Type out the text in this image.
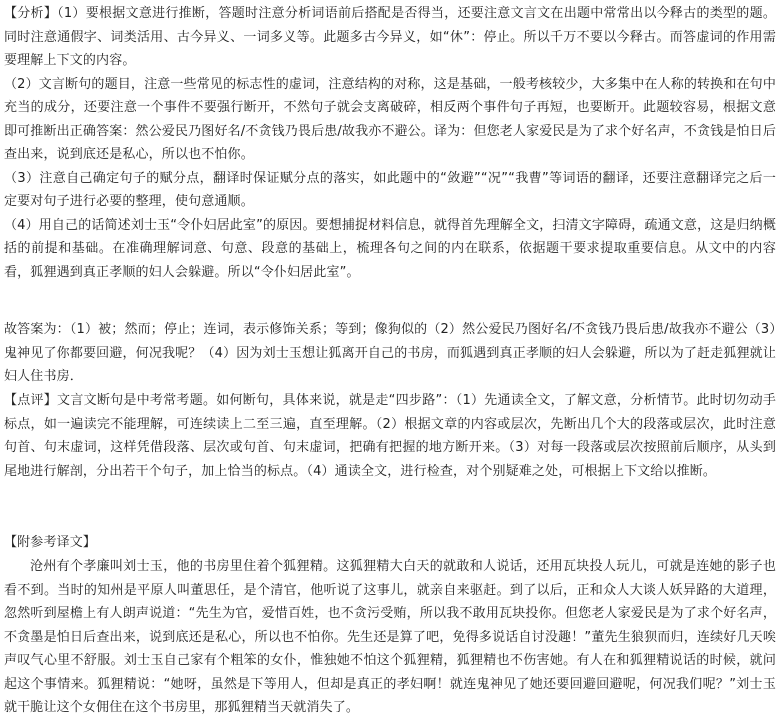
【分析】（1）要根据文意进行推断，答题时注意分析词语前后搭配是否得当，还要注意文言文在出题中常常出以今释古的类型的题。同时注意通假字、词类活用、古今异义、一词多义等。此题多古今异义，如“休”：停止。所以千万不要以今释古。而答虚词的作用需要理解上下文的内容。

（2）文言断句的题目，注意一些常见的标志性的虚词，注意结构的对称，这是基础，一般考核较少，大多集中在人称的转换和在句中充当的成分，还要注意一个事件不要强行断开，不然句子就会支离破碎，相反两个事件句子再短，也要断开。此题较容易，根据文意即可推断出正确答案：然公爱民乃图好名/不贪钱乃畏后患/故我亦不避公。译为：但您老人家爱民是为了求个好名声，不贪钱是怕日后查出来，说到底还是私心，所以也不怕你。

（3）注意自己确定句子的赋分点，翻译时保证赋分点的落实，如此题中的“敛避”“况”“我曹”等词语的翻译，还要注意翻译完之后一定要对句子进行必要的整理，使句意通顺。

（4）用自己的话简述刘士玉“令仆妇居此室”的原因。要想捕捉材料信息，就得首先理解全文，扫清文字障碍，疏通文意，这是归纳概括的前提和基础。在准确理解词意、句意、段意的基础上，梳理各句之间的内在联系，依据题干要求提取重要信息。从文中的内容看，狐狸遇到真正孝顺的妇人会躲避。所以“令仆妇居此室”。

故答案为：（1）被；然而；停止；连词，表示修饰关系；等到；像狗似的（2）然公爱民乃图好名/不贪钱乃畏后患/故我亦不避公（3）鬼神见了你都要回避，何况我呢？（4）因为刘士玉想让狐离开自己的书房，而狐遇到真正孝顺的妇人会躲避，所以为了赶走狐狸就让妇人住书房．

【点评】文言文断句是中考常考题。如何断句，具体来说，就是走“四步路”：（1）先通读全文，了解文意，分析情节。此时切勿动手标点，如一遍读完不能理解，可连续读上二至三遍，直至理解。（2）根据文章的内容或层次，先断出几个大的段落或层次，此时注意句首、句末虚词，这样凭借段落、层次或句首、句末虚词，把确有把握的地方断开来。（3）对每一段落或层次按照前后顺序，从头到尾地进行解剖，分出若干个句子，加上恰当的标点。（4）通读全文，进行检查，对个别疑难之处，可根据上下文给以推断。

【附参考译文】

沧州有个孝廉叫刘士玉，他的书房里住着个狐狸精。这狐狸精大白天的就敢和人说话，还用瓦块投人玩儿，可就是连她的影子也看不到。当时的知州是平原人叫董思任，是个清官，他听说了这事儿，就亲自来驱赶。到了以后，正和众人大谈人妖异路的大道理，忽然听到屋檐上有人朗声说道：“先生为官，爱惜百姓，也不贪污受贿，所以我不敢用瓦块投你。但您老人家爱民是为了求个好名声，不贪墨是怕日后查出来，说到底还是私心，所以也不怕你。先生还是算了吧，免得多说话自讨没趣！”董先生狼狈而归，连续好几天唉声叹气心里不舒服。刘士玉自己家有个粗笨的女仆，惟独她不怕这个狐狸精，狐狸精也不伤害她。有人在和狐狸精说话的时候，就问起这个事情来。狐狸精说：“她呀，虽然是下等用人，但却是真正的孝妇啊！就连鬼神见了她还要回避回避呢，何况我们呢？”刘士玉就干脆让这个女佣住在这个书房里，那狐狸精当天就消失了。
